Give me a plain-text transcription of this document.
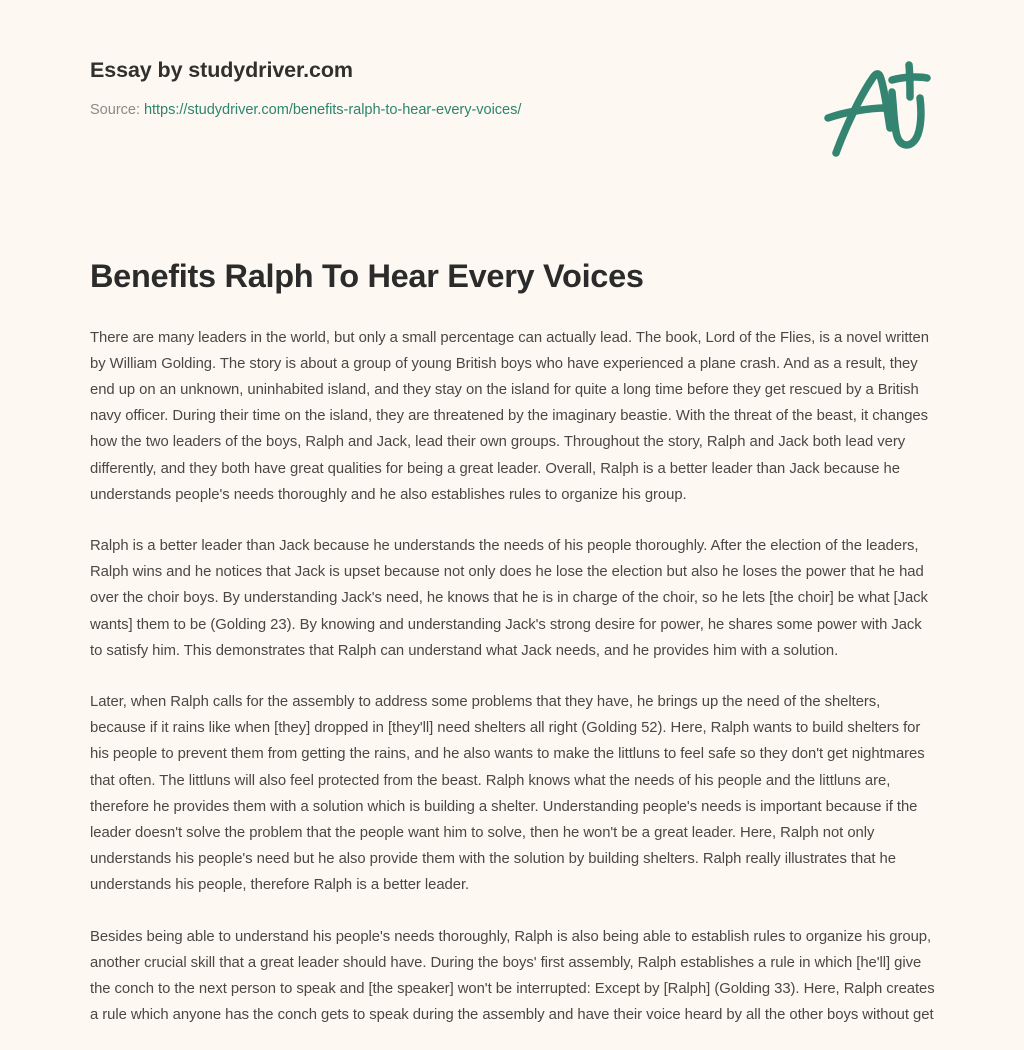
Essay by studydriver.com
Source: https://studydriver.com/benefits-ralph-to-hear-every-voices/
Benefits Ralph To Hear Every Voices

There are many leaders in the world, but only a small percentage can actually lead. The book, Lord of the Flies, is a novel written by William Golding. The story is about a group of young British boys who have experienced a plane crash. And as a result, they end up on an unknown, uninhabited island, and they stay on the island for quite a long time before they get rescued by a British navy officer. During their time on the island, they are threatened by the imaginary beastie. With the threat of the beast, it changes how the two leaders of the boys, Ralph and Jack, lead their own groups. Throughout the story, Ralph and Jack both lead very differently, and they both have great qualities for being a great leader. Overall, Ralph is a better leader than Jack because he understands people's needs thoroughly and he also establishes rules to organize his group.

Ralph is a better leader than Jack because he understands the needs of his people thoroughly. After the election of the leaders, Ralph wins and he notices that Jack is upset because not only does he lose the election but also he loses the power that he had over the choir boys. By understanding Jack's need, he knows that he is in charge of the choir, so he lets [the choir] be what [Jack wants] them to be (Golding 23). By knowing and understanding Jack's strong desire for power, he shares some power with Jack to satisfy him. This demonstrates that Ralph can understand what Jack needs, and he provides him with a solution.

Later, when Ralph calls for the assembly to address some problems that they have, he brings up the need of the shelters, because if it rains like when [they] dropped in [they'll] need shelters all right (Golding 52). Here, Ralph wants to build shelters for his people to prevent them from getting the rains, and he also wants to make the littluns to feel safe so they don't get nightmares that often. The littluns will also feel protected from the beast. Ralph knows what the needs of his people and the littluns are, therefore he provides them with a solution which is building a shelter. Understanding people's needs is important because if the leader doesn't solve the problem that the people want him to solve, then he won't be a great leader. Here, Ralph not only understands his people's need but he also provide them with the solution by building shelters. Ralph really illustrates that he understands his people, therefore Ralph is a better leader.

Besides being able to understand his people's needs thoroughly, Ralph is also being able to establish rules to organize his group, another crucial skill that a great leader should have. During the boys' first assembly, Ralph establishes a rule in which [he'll] give the conch to the next person to speak and [the speaker] won't be interrupted: Except by [Ralph] (Golding 33). Here, Ralph creates a rule which anyone has the conch gets to speak during the assembly and have their voice heard by all the other boys without get
